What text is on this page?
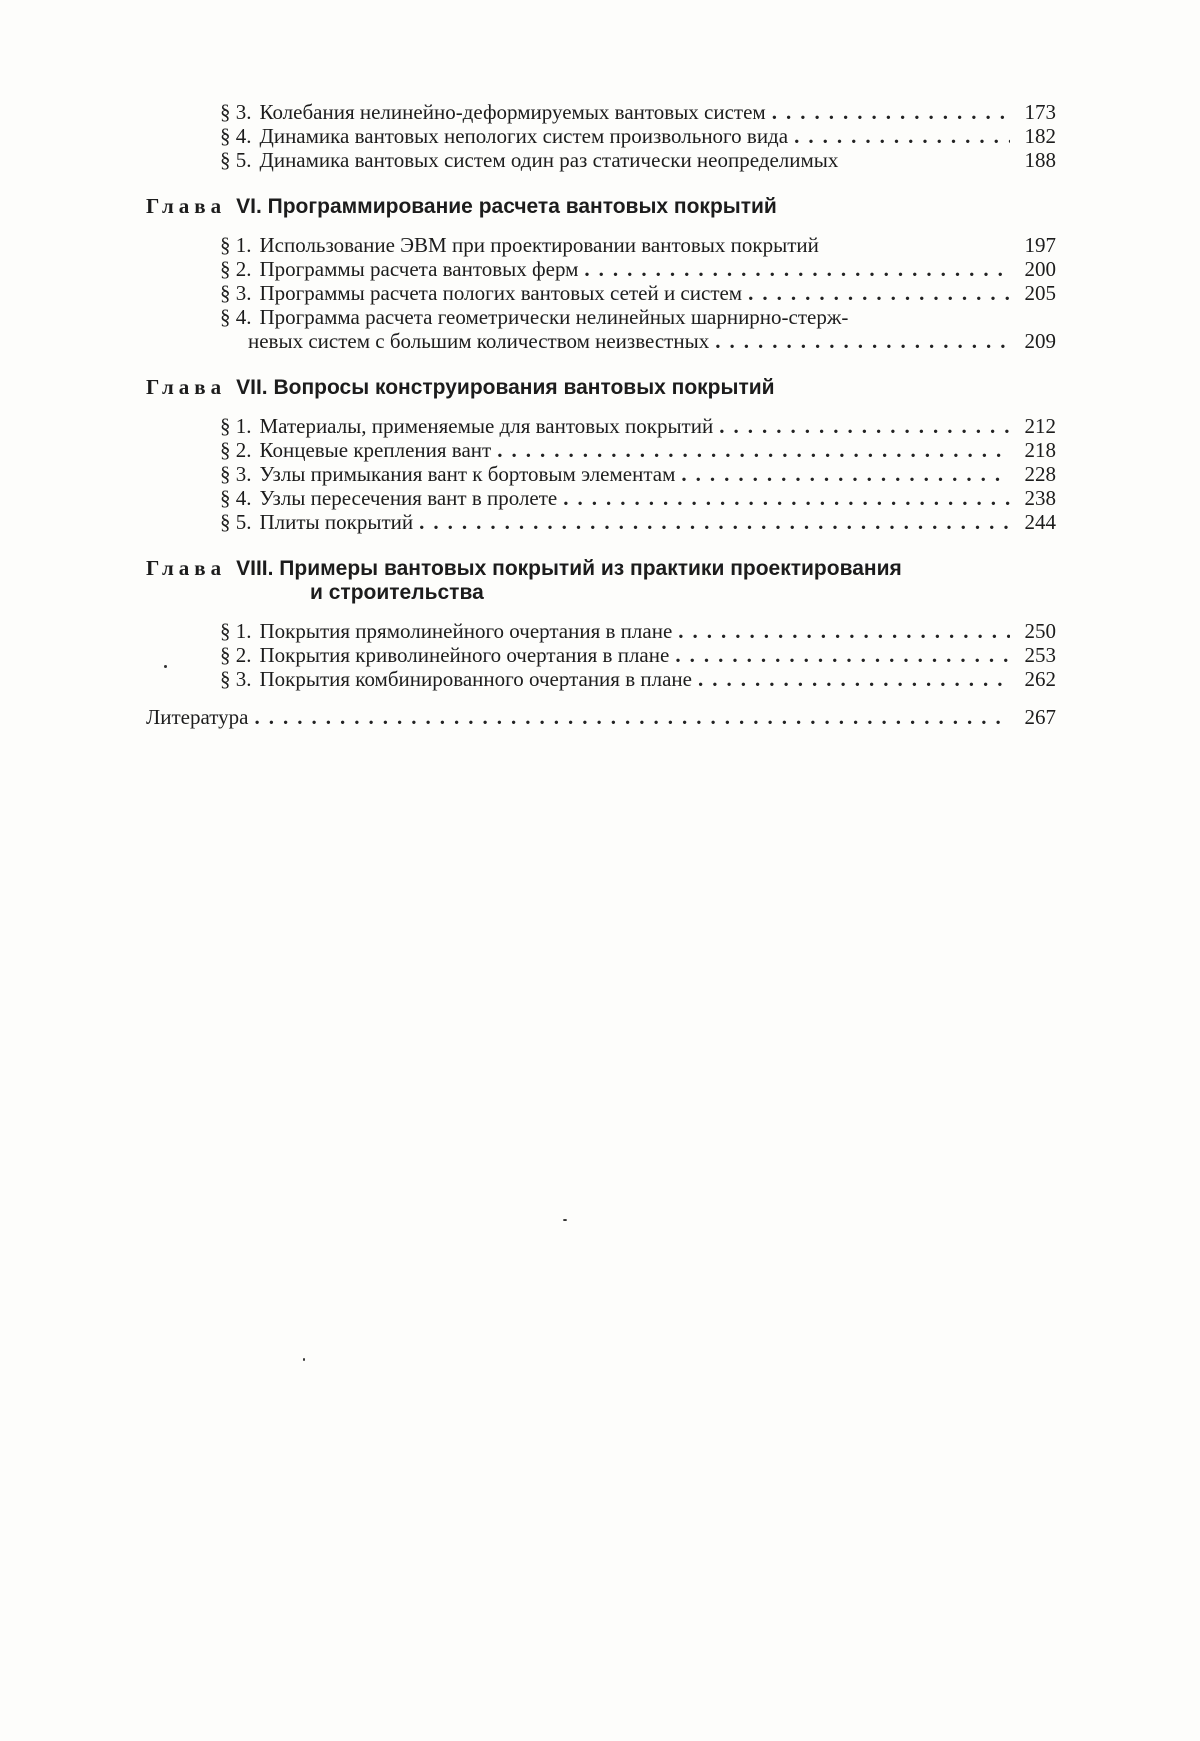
§ 3. Колебания нелинейно-деформируемых вантовых систем .....	173
§ 4. Динамика вантовых непологих систем произвольного вида .....	182
§ 5. Динамика вантовых систем один раз статически неопределимых	188
Глава VI. Программирование расчета вантовых покрытий
§ 1. Использование ЭВМ при проектировании вантовых покрытий	197
§ 2. Программы расчета вантовых ферм .....	200
§ 3. Программы расчета пологих вантовых сетей и систем .....	205
§ 4. Программа расчета геометрически нелинейных шарнирно-стерж-
невых систем с большим количеством неизвестных .....	209
Глава VII. Вопросы конструирования вантовых покрытий
§ 1. Материалы, применяемые для вантовых покрытий .....	212
§ 2. Концевые крепления вант .....	218
§ 3. Узлы примыкания вант к бортовым элементам .....	228
§ 4. Узлы пересечения вант в пролете .....	238
§ 5. Плиты покрытий .....	244
Глава VIII. Примеры вантовых покрытий из практики проектирования
и строительства
§ 1. Покрытия прямолинейного очертания в плане .....	250
§ 2. Покрытия криволинейного очертания в плане .....	253
§ 3. Покрытия комбинированного очертания в плане .....	262
Литература .....	267
